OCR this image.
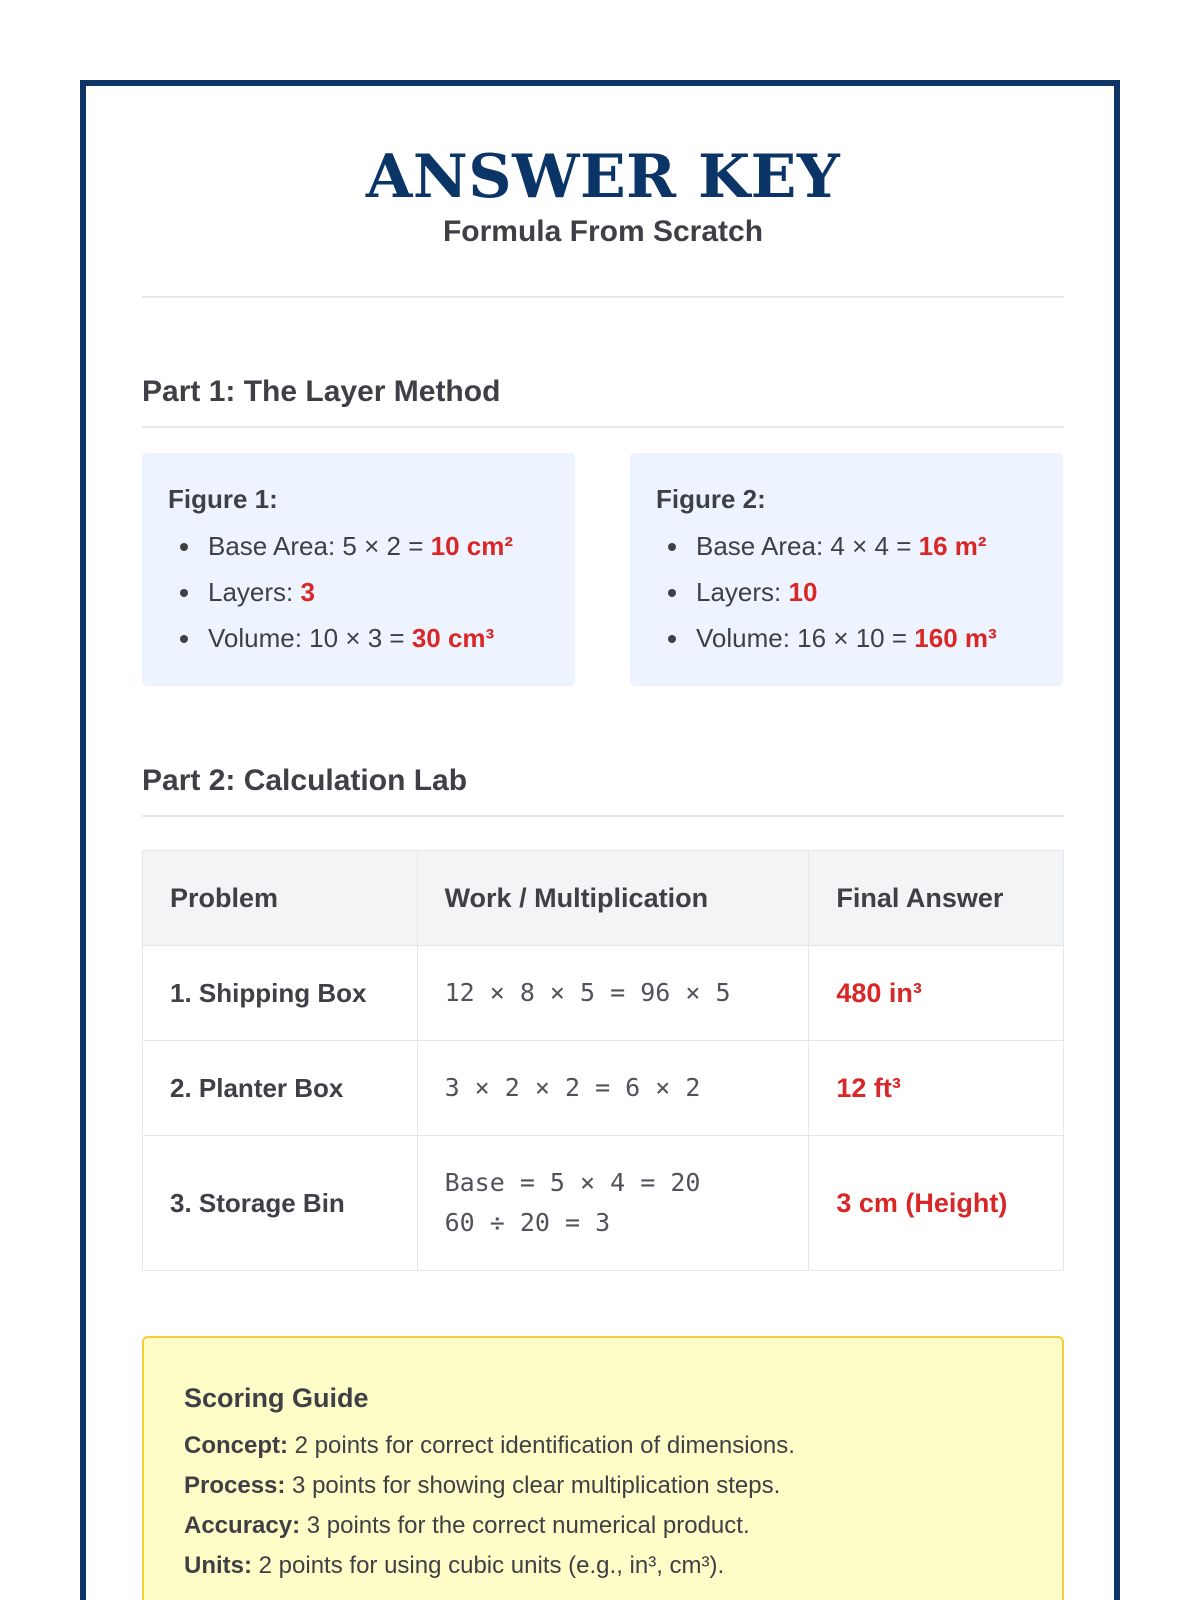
ANSWER KEY
Formula From Scratch
Part 1: The Layer Method
Figure 1:
Base Area: 5 × 2 = 10 cm²
Layers: 3
Volume: 10 × 3 = 30 cm³
Figure 2:
Base Area: 4 × 4 = 16 m²
Layers: 10
Volume: 16 × 10 = 160 m³
Part 2: Calculation Lab
Problem	Work / Multiplication	Final Answer
1. Shipping Box	12 × 8 × 5 = 96 × 5	480 in³
2. Planter Box	3 × 2 × 2 = 6 × 2	12 ft³
3. Storage Bin	Base = 5 × 4 = 20
60 ÷ 20 = 3	3 cm (Height)
Scoring Guide

Concept: 2 points for correct identification of dimensions.

Process: 3 points for showing clear multiplication steps.

Accuracy: 3 points for the correct numerical product.

Units: 2 points for using cubic units (e.g., in³, cm³).
